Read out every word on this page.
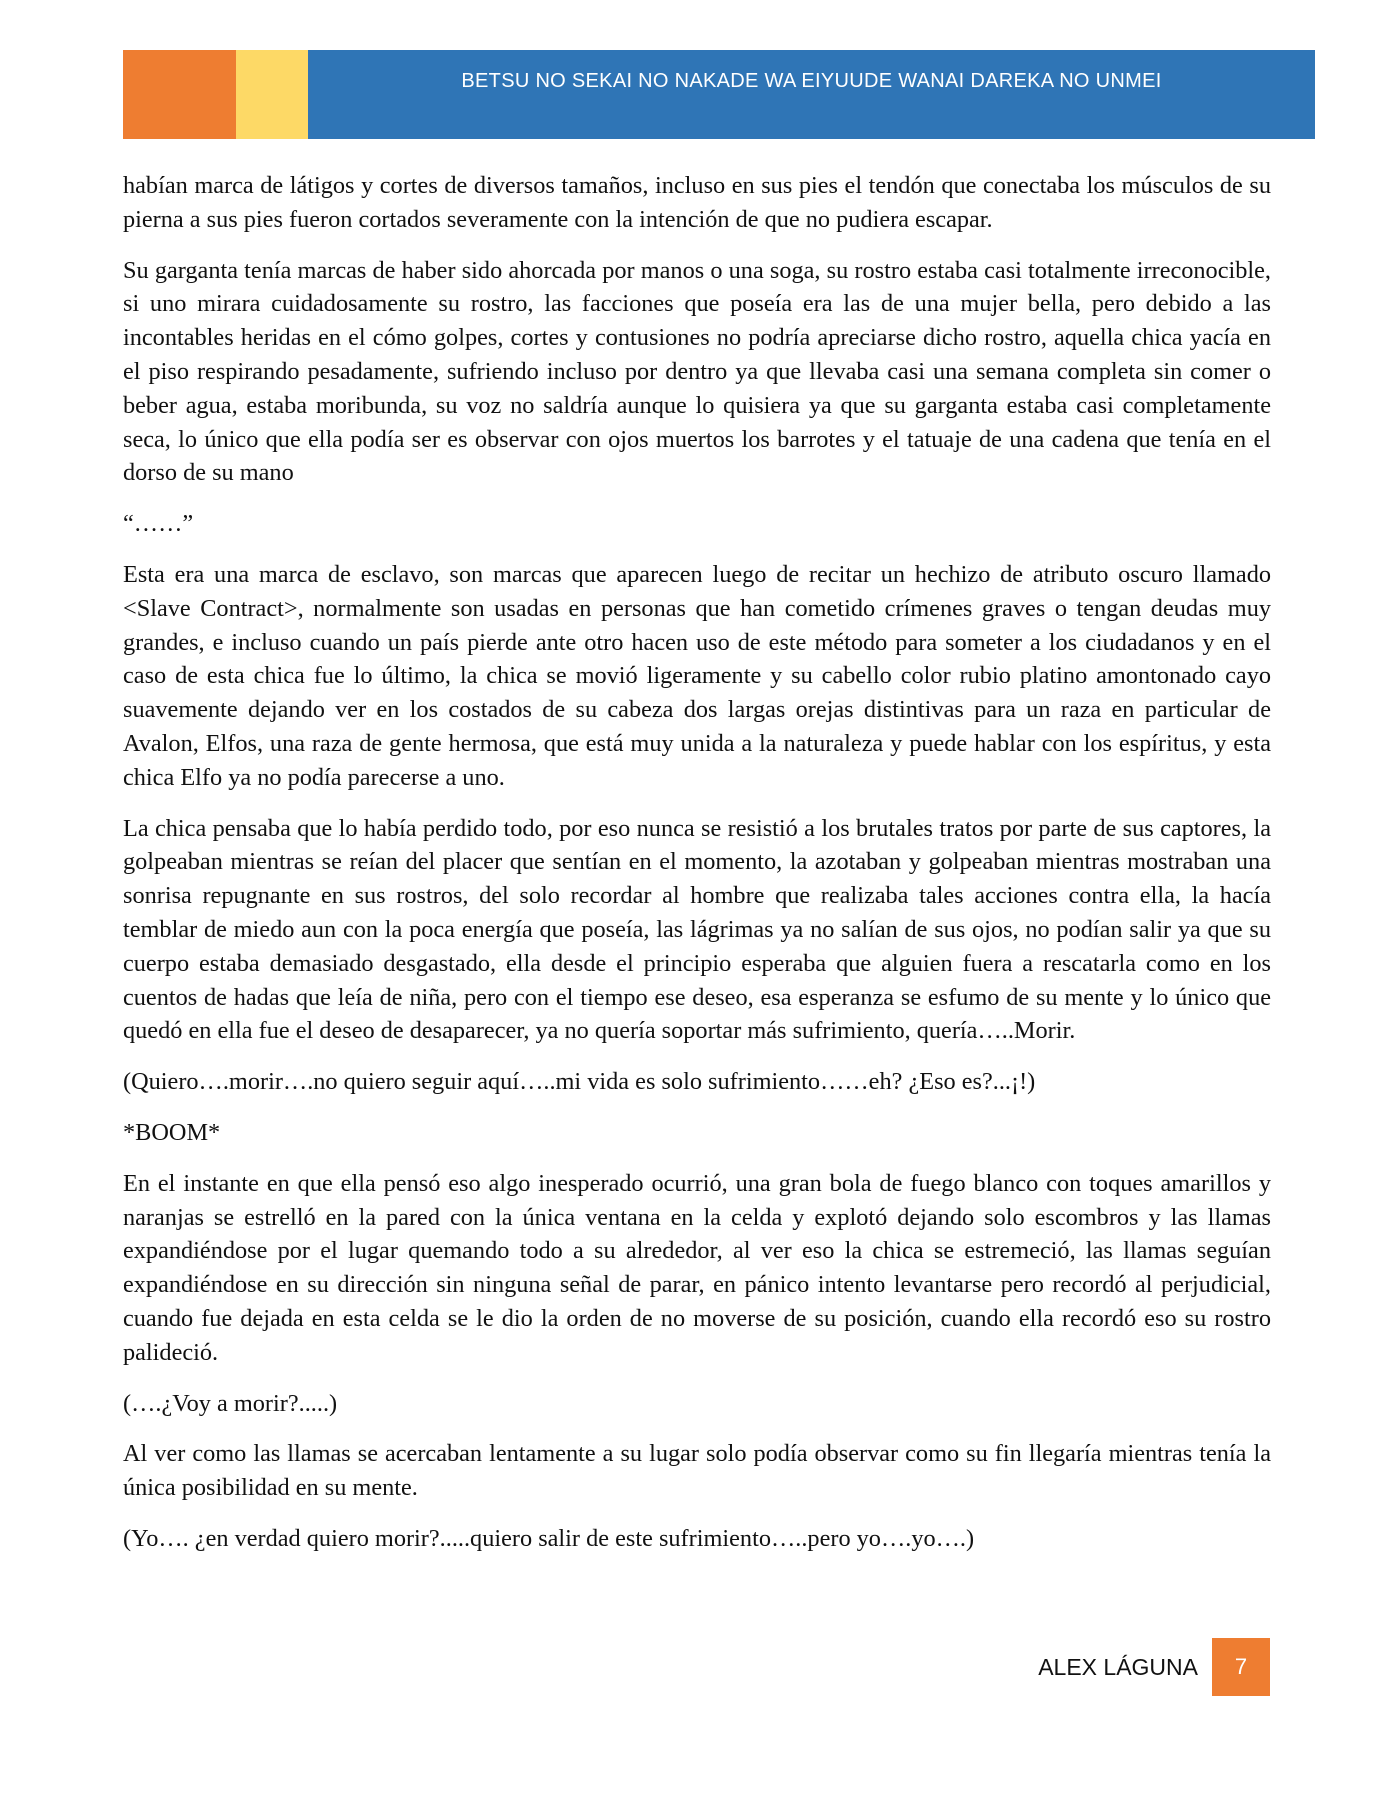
BETSU NO SEKAI NO NAKADE WA EIYUUDE WANAI DAREKA NO UNMEI

habían marca de látigos y cortes de diversos tamaños, incluso en sus pies el tendón que conectaba los músculos de su pierna a sus pies fueron cortados severamente con la intención de que no pudiera escapar.

Su garganta tenía marcas de haber sido ahorcada por manos o una soga, su rostro estaba casi totalmente irreconocible, si uno mirara cuidadosamente su rostro, las facciones que poseía era las de una mujer bella, pero debido a las incontables heridas en el cómo golpes, cortes y contusiones no podría apreciarse dicho rostro, aquella chica yacía en el piso respirando pesadamente, sufriendo incluso por dentro ya que llevaba casi una semana completa sin comer o beber agua, estaba moribunda, su voz no saldría aunque lo quisiera ya que su garganta estaba casi completamente seca, lo único que ella podía ser es observar con ojos muertos los barrotes y el tatuaje de una cadena que tenía en el dorso de su mano

“……”

Esta era una marca de esclavo, son marcas que aparecen luego de recitar un hechizo de atributo oscuro llamado <Slave Contract>, normalmente son usadas en personas que han cometido crímenes graves o tengan deudas muy grandes, e incluso cuando un país pierde ante otro hacen uso de este método para someter a los ciudadanos y en el caso de esta chica fue lo último, la chica se movió ligeramente y su cabello color rubio platino amontonado cayo suavemente dejando ver en los costados de su cabeza dos largas orejas distintivas para un raza en particular de Avalon, Elfos, una raza de gente hermosa, que está muy unida a la naturaleza y puede hablar con los espíritus, y esta chica Elfo ya no podía parecerse a uno.

La chica pensaba que lo había perdido todo, por eso nunca se resistió a los brutales tratos por parte de sus captores, la golpeaban mientras se reían del placer que sentían en el momento, la azotaban y golpeaban mientras mostraban una sonrisa repugnante en sus rostros, del solo recordar al hombre que realizaba tales acciones contra ella, la hacía temblar de miedo aun con la poca energía que poseía, las lágrimas ya no salían de sus ojos, no podían salir ya que su cuerpo estaba demasiado desgastado, ella desde el principio esperaba que alguien fuera a rescatarla como en los cuentos de hadas que leía de niña, pero con el tiempo ese deseo, esa esperanza se esfumo de su mente y lo único que quedó en ella fue el deseo de desaparecer, ya no quería soportar más sufrimiento, quería…..Morir.

(Quiero….morir….no quiero seguir aquí…..mi vida es solo sufrimiento……eh? ¿Eso es?...¡!)

*BOOM*

En el instante en que ella pensó eso algo inesperado ocurrió, una gran bola de fuego blanco con toques amarillos y naranjas se estrelló en la pared con la única ventana en la celda y explotó dejando solo escombros y las llamas expandiéndose por el lugar quemando todo a su alrededor, al ver eso la chica se estremeció, las llamas seguían expandiéndose en su dirección sin ninguna señal de parar, en pánico intento levantarse pero recordó al perjudicial, cuando fue dejada en esta celda se le dio la orden de no moverse de su posición, cuando ella recordó eso su rostro palideció.

(….¿Voy a morir?.....)

Al ver como las llamas se acercaban lentamente a su lugar solo podía observar como su fin llegaría mientras tenía la única posibilidad en su mente.

(Yo…. ¿en verdad quiero morir?.....quiero salir de este sufrimiento…..pero yo….yo….)

ALEX LÁGUNA	7
